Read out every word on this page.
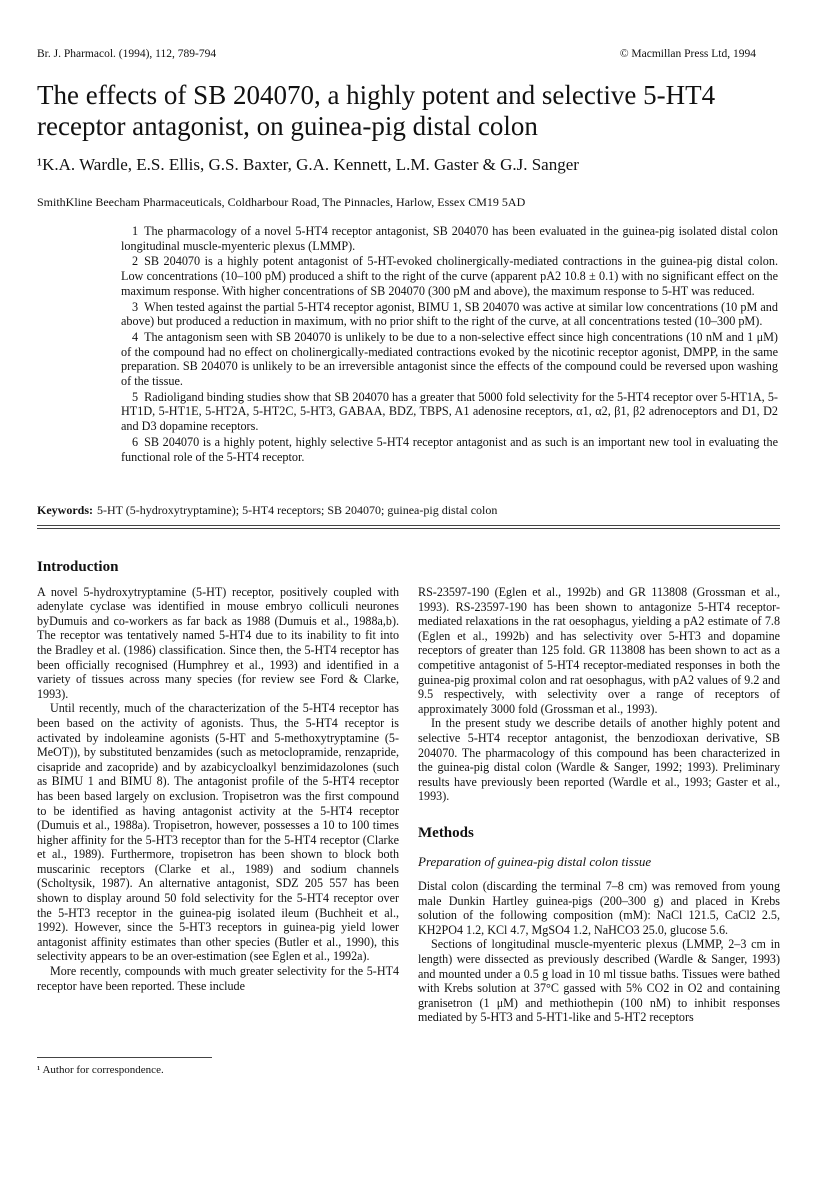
Br. J. Pharmacol. (1994), 112, 789-794	© Macmillan Press Ltd, 1994
The effects of SB 204070, a highly potent and selective 5-HT4 receptor antagonist, on guinea-pig distal colon
¹K.A. Wardle, E.S. Ellis, G.S. Baxter, G.A. Kennett, L.M. Gaster & G.J. Sanger
SmithKline Beecham Pharmaceuticals, Coldharbour Road, The Pinnacles, Harlow, Essex CM19 5AD

1 The pharmacology of a novel 5-HT4 receptor antagonist, SB 204070 has been evaluated in the guinea-pig isolated distal colon longitudinal muscle-myenteric plexus (LMMP).

2 SB 204070 is a highly potent antagonist of 5-HT-evoked cholinergically-mediated contractions in the guinea-pig distal colon. Low concentrations (10–100 pM) produced a shift to the right of the curve (apparent pA2 10.8 ± 0.1) with no significant effect on the maximum response. With higher concentrations of SB 204070 (300 pM and above), the maximum response to 5-HT was reduced.

3 When tested against the partial 5-HT4 receptor agonist, BIMU 1, SB 204070 was active at similar low concentrations (10 pM and above) but produced a reduction in maximum, with no prior shift to the right of the curve, at all concentrations tested (10–300 pM).

4 The antagonism seen with SB 204070 is unlikely to be due to a non-selective effect since high concentrations (10 nM and 1 μM) of the compound had no effect on cholinergically-mediated contractions evoked by the nicotinic receptor agonist, DMPP, in the same preparation. SB 204070 is unlikely to be an irreversible antagonist since the effects of the compound could be reversed upon washing of the tissue.

5 Radioligand binding studies show that SB 204070 has a greater that 5000 fold selectivity for the 5-HT4 receptor over 5-HT1A, 5-HT1D, 5-HT1E, 5-HT2A, 5-HT2C, 5-HT3, GABAA, BDZ, TBPS, A1 adenosine receptors, α1, α2, β1, β2 adrenoceptors and D1, D2 and D3 dopamine receptors.

6 SB 204070 is a highly potent, highly selective 5-HT4 receptor antagonist and as such is an important new tool in evaluating the functional role of the 5-HT4 receptor.

Keywords: 5-HT (5-hydroxytryptamine); 5-HT4 receptors; SB 204070; guinea-pig distal colon
Introduction

A novel 5-hydroxytryptamine (5-HT) receptor, positively coupled with adenylate cyclase was identified in mouse embryo colliculi neurones byDumuis and co-workers as far back as 1988 (Dumuis et al., 1988a,b). The receptor was tentatively named 5-HT4 due to its inability to fit into the Bradley et al. (1986) classification. Since then, the 5-HT4 receptor has been officially recognised (Humphrey et al., 1993) and identified in a variety of tissues across many species (for review see Ford & Clarke, 1993).

Until recently, much of the characterization of the 5-HT4 receptor has been based on the activity of agonists. Thus, the 5-HT4 receptor is activated by indoleamine agonists (5-HT and 5-methoxytryptamine (5-MeOT)), by substituted benzamides (such as metoclopramide, renzapride, cisapride and zacopride) and by azabicycloalkyl benzimidazolones (such as BIMU 1 and BIMU 8). The antagonist profile of the 5-HT4 receptor has been based largely on exclusion. Tropisetron was the first compound to be identified as having antagonist activity at the 5-HT4 receptor (Dumuis et al., 1988a). Tropisetron, however, possesses a 10 to 100 times higher affinity for the 5-HT3 receptor than for the 5-HT4 receptor (Clarke et al., 1989). Furthermore, tropisetron has been shown to block both muscarinic receptors (Clarke et al., 1989) and sodium channels (Scholtysik, 1987). An alternative antagonist, SDZ 205 557 has been shown to display around 50 fold selectivity for the 5-HT4 receptor over the 5-HT3 receptor in the guinea-pig isolated ileum (Buchheit et al., 1992). However, since the 5-HT3 receptors in guinea-pig yield lower antagonist affinity estimates than other species (Butler et al., 1990), this selectivity appears to be an over-estimation (see Eglen et al., 1992a).

More recently, compounds with much greater selectivity for the 5-HT4 receptor have been reported. These include

RS-23597-190 (Eglen et al., 1992b) and GR 113808 (Grossman et al., 1993). RS-23597-190 has been shown to antagonize 5-HT4 receptor-mediated relaxations in the rat oesophagus, yielding a pA2 estimate of 7.8 (Eglen et al., 1992b) and has selectivity over 5-HT3 and dopamine receptors of greater than 125 fold. GR 113808 has been shown to act as a competitive antagonist of 5-HT4 receptor-mediated responses in both the guinea-pig proximal colon and rat oesophagus, with pA2 values of 9.2 and 9.5 respectively, with selectivity over a range of receptors of approximately 3000 fold (Grossman et al., 1993).

In the present study we describe details of another highly potent and selective 5-HT4 receptor antagonist, the benzodioxan derivative, SB 204070. The pharmacology of this compound has been characterized in the guinea-pig distal colon (Wardle & Sanger, 1992; 1993). Preliminary results have previously been reported (Wardle et al., 1993; Gaster et al., 1993).

Methods
Preparation of guinea-pig distal colon tissue

Distal colon (discarding the terminal 7–8 cm) was removed from young male Dunkin Hartley guinea-pigs (200–300 g) and placed in Krebs solution of the following composition (mM): NaCl 121.5, CaCl2 2.5, KH2PO4 1.2, KCl 4.7, MgSO4 1.2, NaHCO3 25.0, glucose 5.6.

Sections of longitudinal muscle-myenteric plexus (LMMP, 2–3 cm in length) were dissected as previously described (Wardle & Sanger, 1993) and mounted under a 0.5 g load in 10 ml tissue baths. Tissues were bathed with Krebs solution at 37°C gassed with 5% CO2 in O2 and containing granisetron (1 μM) and methiothepin (100 nM) to inhibit responses mediated by 5-HT3 and 5-HT1-like and 5-HT2 receptors

¹ Author for correspondence.
